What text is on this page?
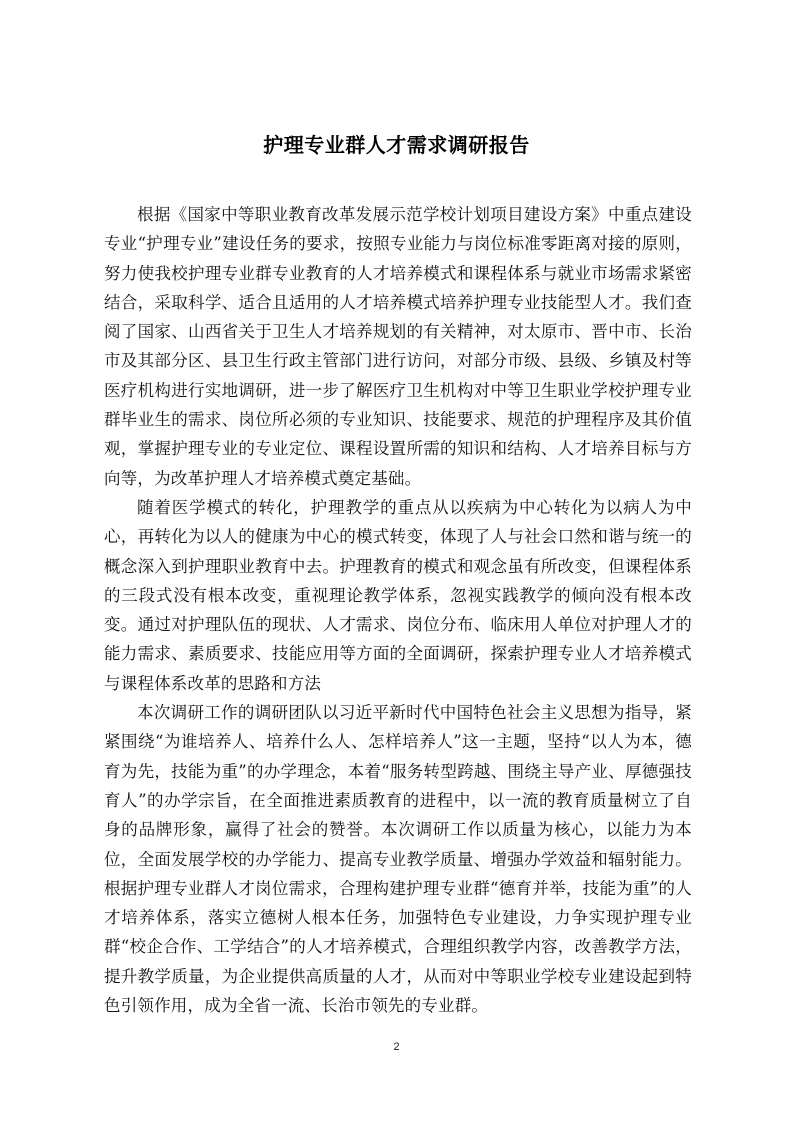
护理专业群人才需求调研报告

根据《国家中等职业教育改革发展示范学校计划项目建设方案》中重点建设专业“护理专业”建设任务的要求，按照专业能力与岗位标准零距离对接的原则，努力使我校护理专业群专业教育的人才培养模式和课程体系与就业市场需求紧密结合，采取科学、适合且适用的人才培养模式培养护理专业技能型人才。我们查阅了国家、山西省关于卫生人才培养规划的有关精神，对太原市、晋中市、长治市及其部分区、县卫生行政主管部门进行访问，对部分市级、县级、乡镇及村等医疗机构进行实地调研，进一步了解医疗卫生机构对中等卫生职业学校护理专业群毕业生的需求、岗位所必须的专业知识、技能要求、规范的护理程序及其价值观，掌握护理专业的专业定位、课程设置所需的知识和结构、人才培养目标与方向等，为改革护理人才培养模式奠定基础。

随着医学模式的转化，护理教学的重点从以疾病为中心转化为以病人为中心，再转化为以人的健康为中心的模式转变，体现了人与社会口然和谐与统一的概念深入到护理职业教育中去。护理教育的模式和观念虽有所改变，但课程体系的三段式没有根本改变，重视理论教学体系，忽视实践教学的倾向没有根本改变。通过对护理队伍的现状、人才需求、岗位分布、临床用人单位对护理人才的能力需求、素质要求、技能应用等方面的全面调研，探索护理专业人才培养模式与课程体系改革的思路和方法

本次调研工作的调研团队以习近平新时代中国特色社会主义思想为指导，紧紧围绕“为谁培养人、培养什么人、怎样培养人”这一主题，坚持“以人为本，德育为先，技能为重”的办学理念，本着“服务转型跨越、围绕主导产业、厚德强技育人”的办学宗旨，在全面推进素质教育的进程中，以一流的教育质量树立了自身的品牌形象，赢得了社会的赞誉。本次调研工作以质量为核心，以能力为本位，全面发展学校的办学能力、提高专业教学质量、增强办学效益和辐射能力。根据护理专业群人才岗位需求，合理构建护理专业群“德育并举，技能为重”的人才培养体系，落实立德树人根本任务，加强特色专业建设，力争实现护理专业群“校企合作、工学结合”的人才培养模式，合理组织教学内容，改善教学方法，提升教学质量，为企业提供高质量的人才，从而对中等职业学校专业建设起到特色引领作用，成为全省一流、长治市领先的专业群。

2
